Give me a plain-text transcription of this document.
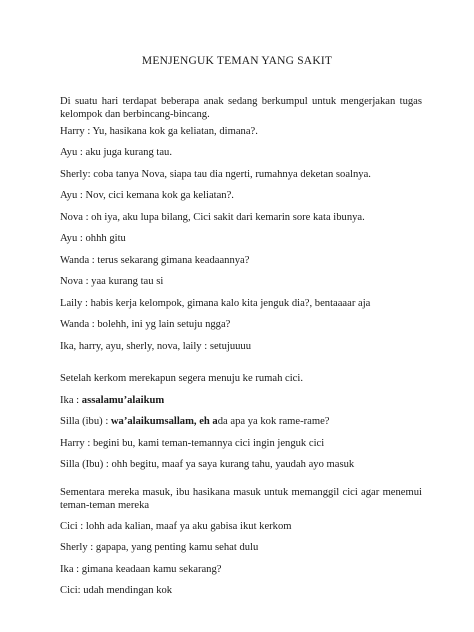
MENJENGUK TEMAN YANG SAKIT
Di suatu hari terdapat beberapa anak sedang berkumpul untuk mengerjakan tugas kelompok dan berbincang-bincang.
Harry : Yu, hasikana kok ga keliatan, dimana?.
Ayu : aku juga kurang tau.
Sherly: coba tanya Nova, siapa tau dia ngerti, rumahnya deketan soalnya.
Ayu : Nov, cici kemana kok ga keliatan?.
Nova : oh iya, aku lupa bilang, Cici sakit dari kemarin sore kata ibunya.
Ayu : ohhh gitu
Wanda : terus sekarang gimana keadaannya?
Nova : yaa kurang tau si
Laily : habis kerja kelompok, gimana kalo kita jenguk dia?, bentaaaar aja
Wanda : bolehh, ini yg lain setuju ngga?
Ika, harry, ayu, sherly, nova, laily : setujuuuu
Setelah kerkom merekapun segera menuju ke rumah cici.
Ika : assalamu’alaikum
Silla (ibu) : wa’alaikumsallam, eh ada apa ya kok rame-rame?
Harry : begini bu, kami teman-temannya cici ingin jenguk cici
Silla (Ibu) : ohh begitu, maaf ya saya kurang tahu, yaudah ayo masuk
Sementara mereka masuk, ibu hasikana masuk untuk memanggil cici agar menemui teman-teman mereka
Cici : lohh ada kalian, maaf ya aku gabisa ikut kerkom
Sherly : gapapa, yang penting kamu sehat dulu
Ika : gimana keadaan kamu sekarang?
Cici: udah mendingan kok
